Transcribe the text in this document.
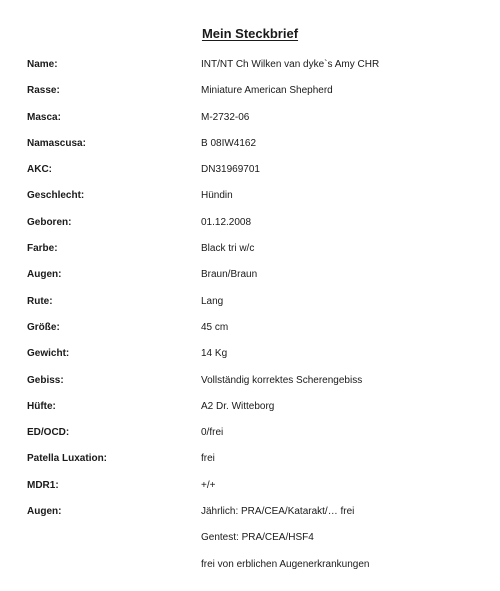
Mein Steckbrief
Name:	INT/NT Ch Wilken van dyke`s Amy CHR
Rasse:	Miniature American Shepherd
Masca:	M-2732-06
Namascusa:	B 08IW4162
AKC:	DN31969701
Geschlecht:	Hündin
Geboren:	01.12.2008
Farbe:	Black tri w/c
Augen:	Braun/Braun
Rute:	Lang
Größe:	45 cm
Gewicht:	14 Kg
Gebiss:	Vollständig korrektes Scherengebiss
Hüfte:	A2 Dr. Witteborg
ED/OCD:	0/frei
Patella Luxation:	frei
MDR1:	+/+
Augen:	Jährlich: PRA/CEA/Katarakt/… frei
Gentest: PRA/CEA/HSF4
frei von erblichen Augenerkrankungen
